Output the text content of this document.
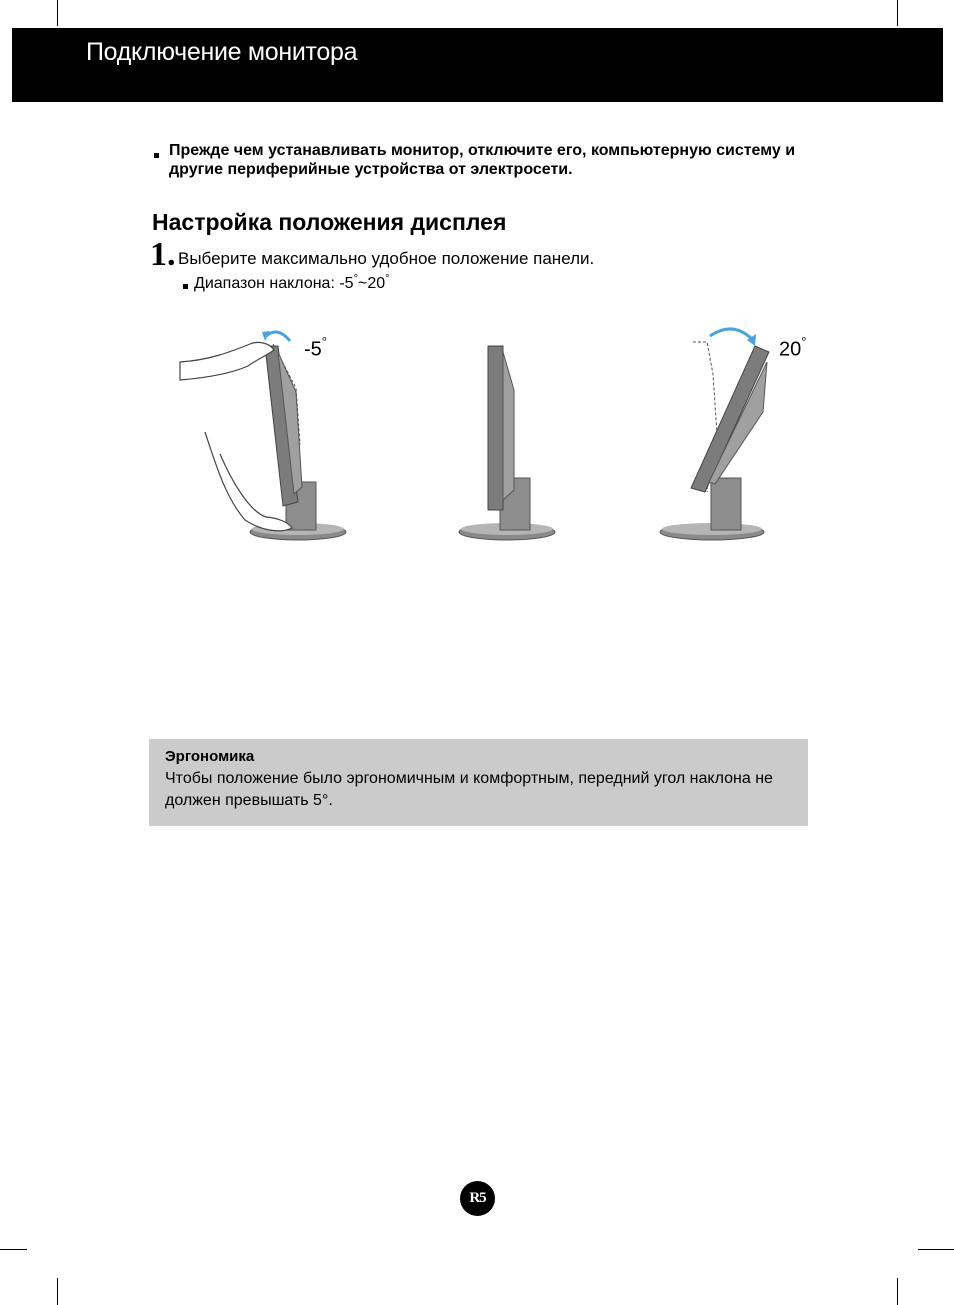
Подключение монитора
Прежде чем устанавливать монитор, отключите его, компьютерную систему и другие периферийные устройства от электросети.
Настройка положения дисплея
1. Выберите максимально удобное положение панели.
Диапазон наклона: -5°~20°
-5°	20°
Эргономика
Чтобы положение было эргономичным и комфортным, передний угол наклона не должен превышать 5°.
R5
